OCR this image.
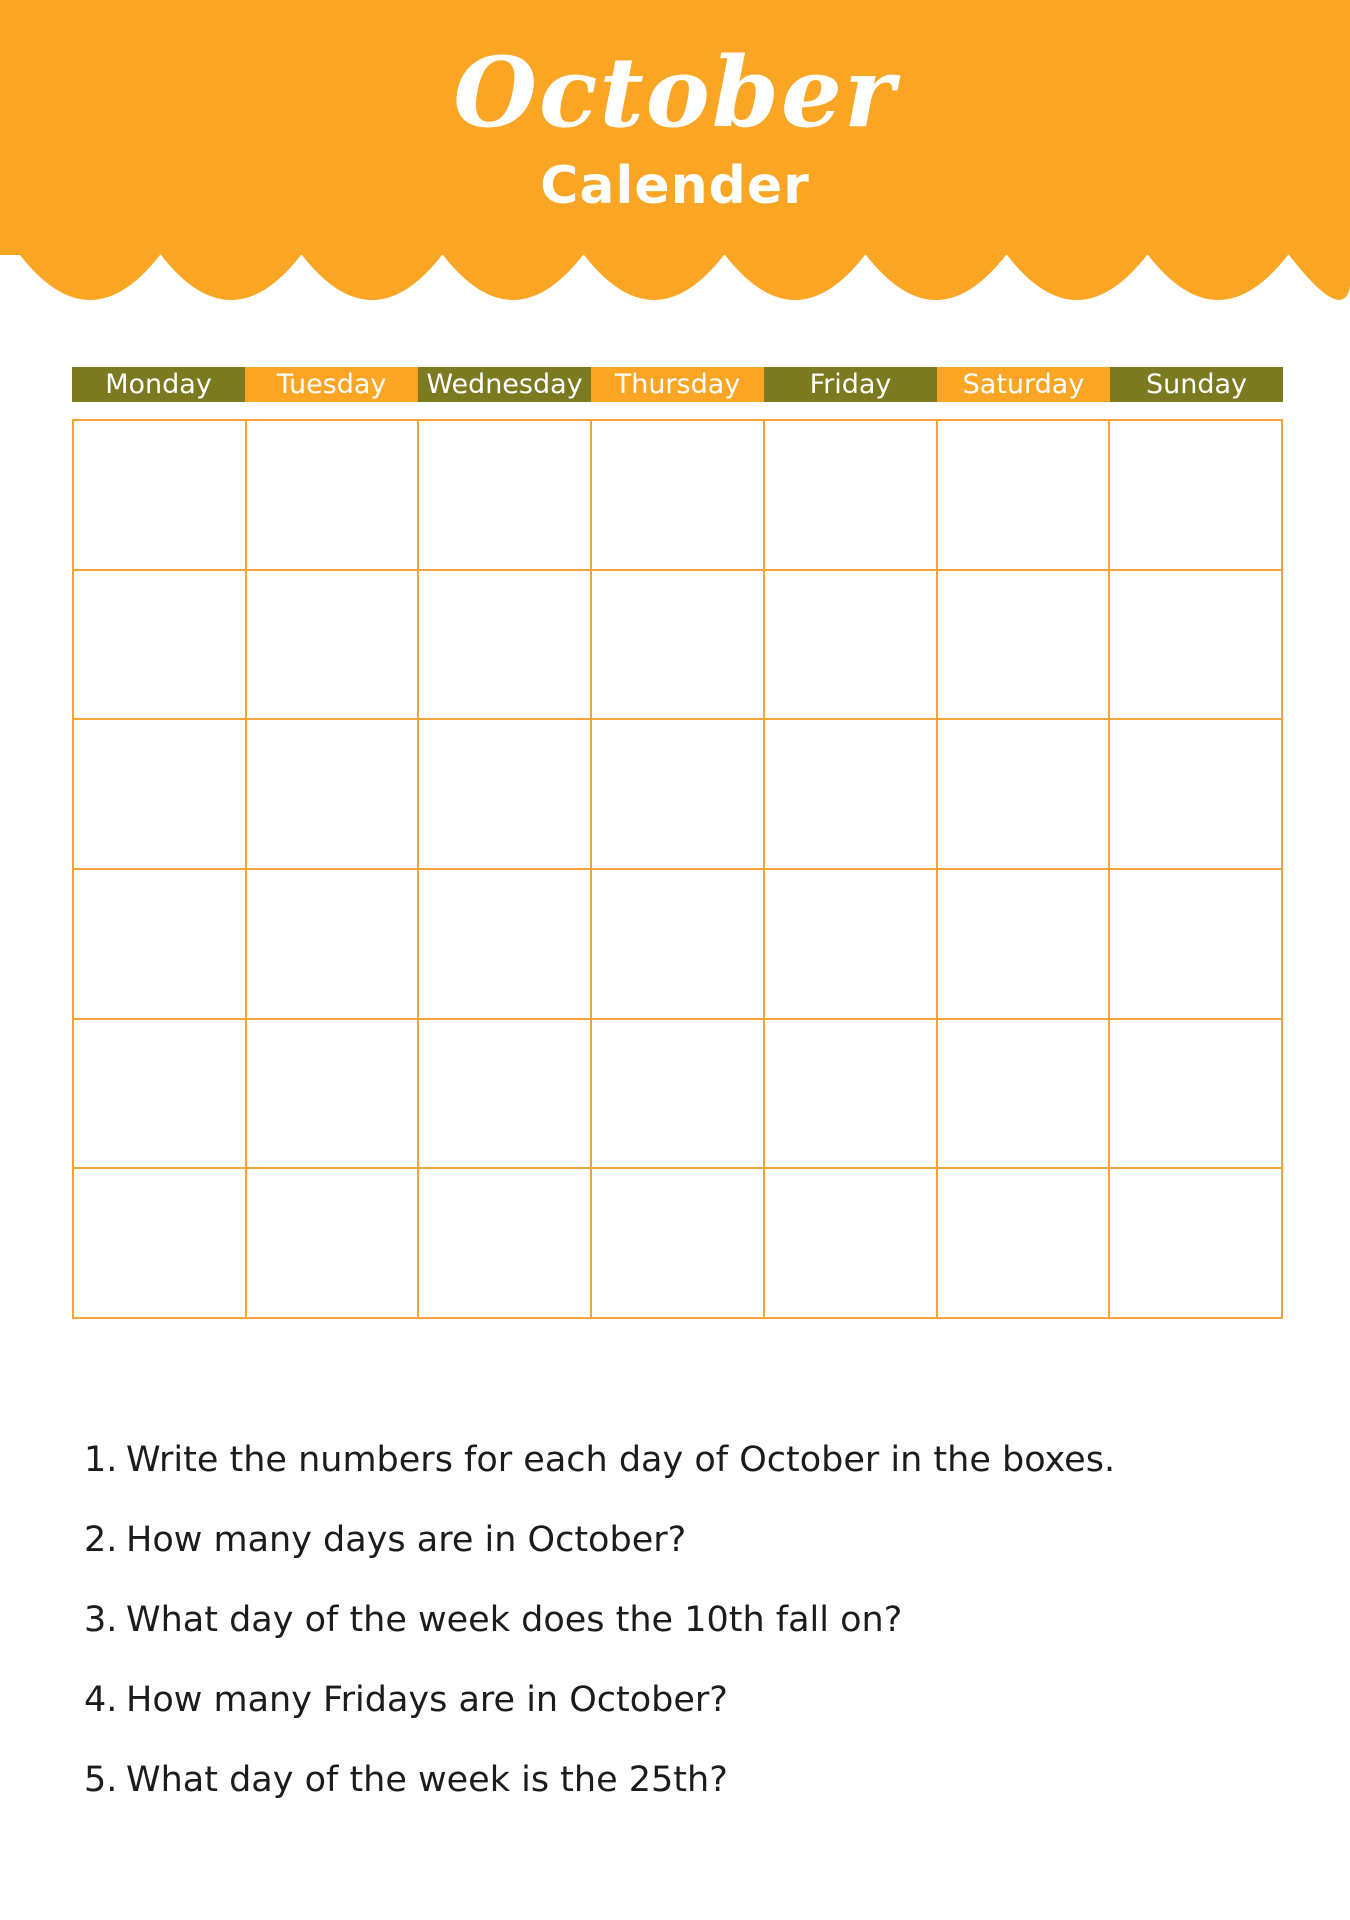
October
Calender
Monday	Tuesday	Wednesday	Thursday	Friday	Saturday	Sunday
1. Write the numbers for each day of October in the boxes.
2. How many days are in October?
3. What day of the week does the 10th fall on?
4. How many Fridays are in October?
5. What day of the week is the 25th?
